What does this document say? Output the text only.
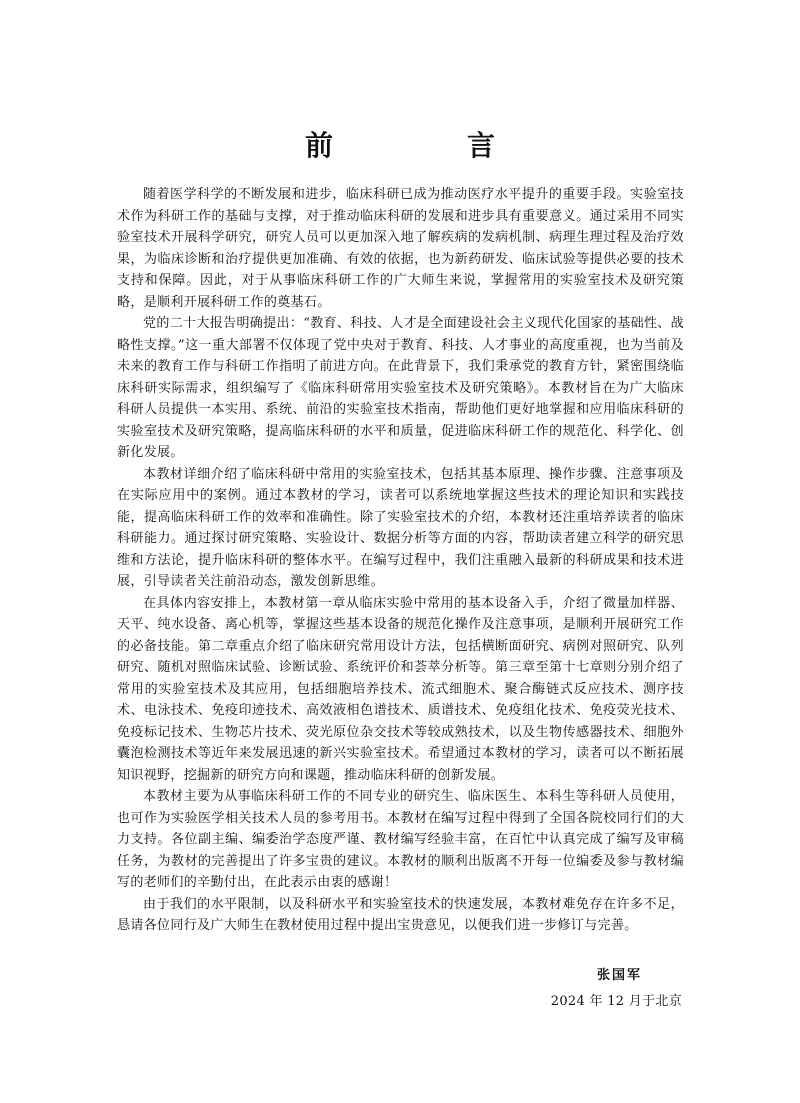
前　　言

随着医学科学的不断发展和进步，临床科研已成为推动医疗水平提升的重要手段。实验室技术作为科研工作的基础与支撑，对于推动临床科研的发展和进步具有重要意义。通过采用不同实验室技术开展科学研究，研究人员可以更加深入地了解疾病的发病机制、病理生理过程及治疗效果，为临床诊断和治疗提供更加准确、有效的依据，也为新药研发、临床试验等提供必要的技术支持和保障。因此，对于从事临床科研工作的广大师生来说，掌握常用的实验室技术及研究策略，是顺利开展科研工作的奠基石。

党的二十大报告明确提出：“教育、科技、人才是全面建设社会主义现代化国家的基础性、战略性支撑。”这一重大部署不仅体现了党中央对于教育、科技、人才事业的高度重视，也为当前及未来的教育工作与科研工作指明了前进方向。在此背景下，我们秉承党的教育方针，紧密围绕临床科研实际需求，组织编写了《临床科研常用实验室技术及研究策略》。本教材旨在为广大临床科研人员提供一本实用、系统、前沿的实验室技术指南，帮助他们更好地掌握和应用临床科研的实验室技术及研究策略，提高临床科研的水平和质量，促进临床科研工作的规范化、科学化、创新化发展。

本教材详细介绍了临床科研中常用的实验室技术，包括其基本原理、操作步骤、注意事项及在实际应用中的案例。通过本教材的学习，读者可以系统地掌握这些技术的理论知识和实践技能，提高临床科研工作的效率和准确性。除了实验室技术的介绍，本教材还注重培养读者的临床科研能力。通过探讨研究策略、实验设计、数据分析等方面的内容，帮助读者建立科学的研究思维和方法论，提升临床科研的整体水平。在编写过程中，我们注重融入最新的科研成果和技术进展，引导读者关注前沿动态，激发创新思维。

在具体内容安排上，本教材第一章从临床实验中常用的基本设备入手，介绍了微量加样器、天平、纯水设备、离心机等，掌握这些基本设备的规范化操作及注意事项，是顺利开展研究工作的必备技能。第二章重点介绍了临床研究常用设计方法，包括横断面研究、病例对照研究、队列研究、随机对照临床试验、诊断试验、系统评价和荟萃分析等。第三章至第十七章则分别介绍了常用的实验室技术及其应用，包括细胞培养技术、流式细胞术、聚合酶链式反应技术、测序技术、电泳技术、免疫印迹技术、高效液相色谱技术、质谱技术、免疫组化技术、免疫荧光技术、免疫标记技术、生物芯片技术、荧光原位杂交技术等较成熟技术，以及生物传感器技术、细胞外囊泡检测技术等近年来发展迅速的新兴实验室技术。希望通过本教材的学习，读者可以不断拓展知识视野，挖掘新的研究方向和课题，推动临床科研的创新发展。

本教材主要为从事临床科研工作的不同专业的研究生、临床医生、本科生等科研人员使用，也可作为实验医学相关技术人员的参考用书。本教材在编写过程中得到了全国各院校同行们的大力支持。各位副主编、编委治学态度严谨、教材编写经验丰富，在百忙中认真完成了编写及审稿任务，为教材的完善提出了许多宝贵的建议。本教材的顺利出版离不开每一位编委及参与教材编写的老师们的辛勤付出，在此表示由衷的感谢！

由于我们的水平限制，以及科研水平和实验室技术的快速发展，本教材难免存在许多不足，恳请各位同行及广大师生在教材使用过程中提出宝贵意见，以便我们进一步修订与完善。

张国军
2024 年 12 月于北京
